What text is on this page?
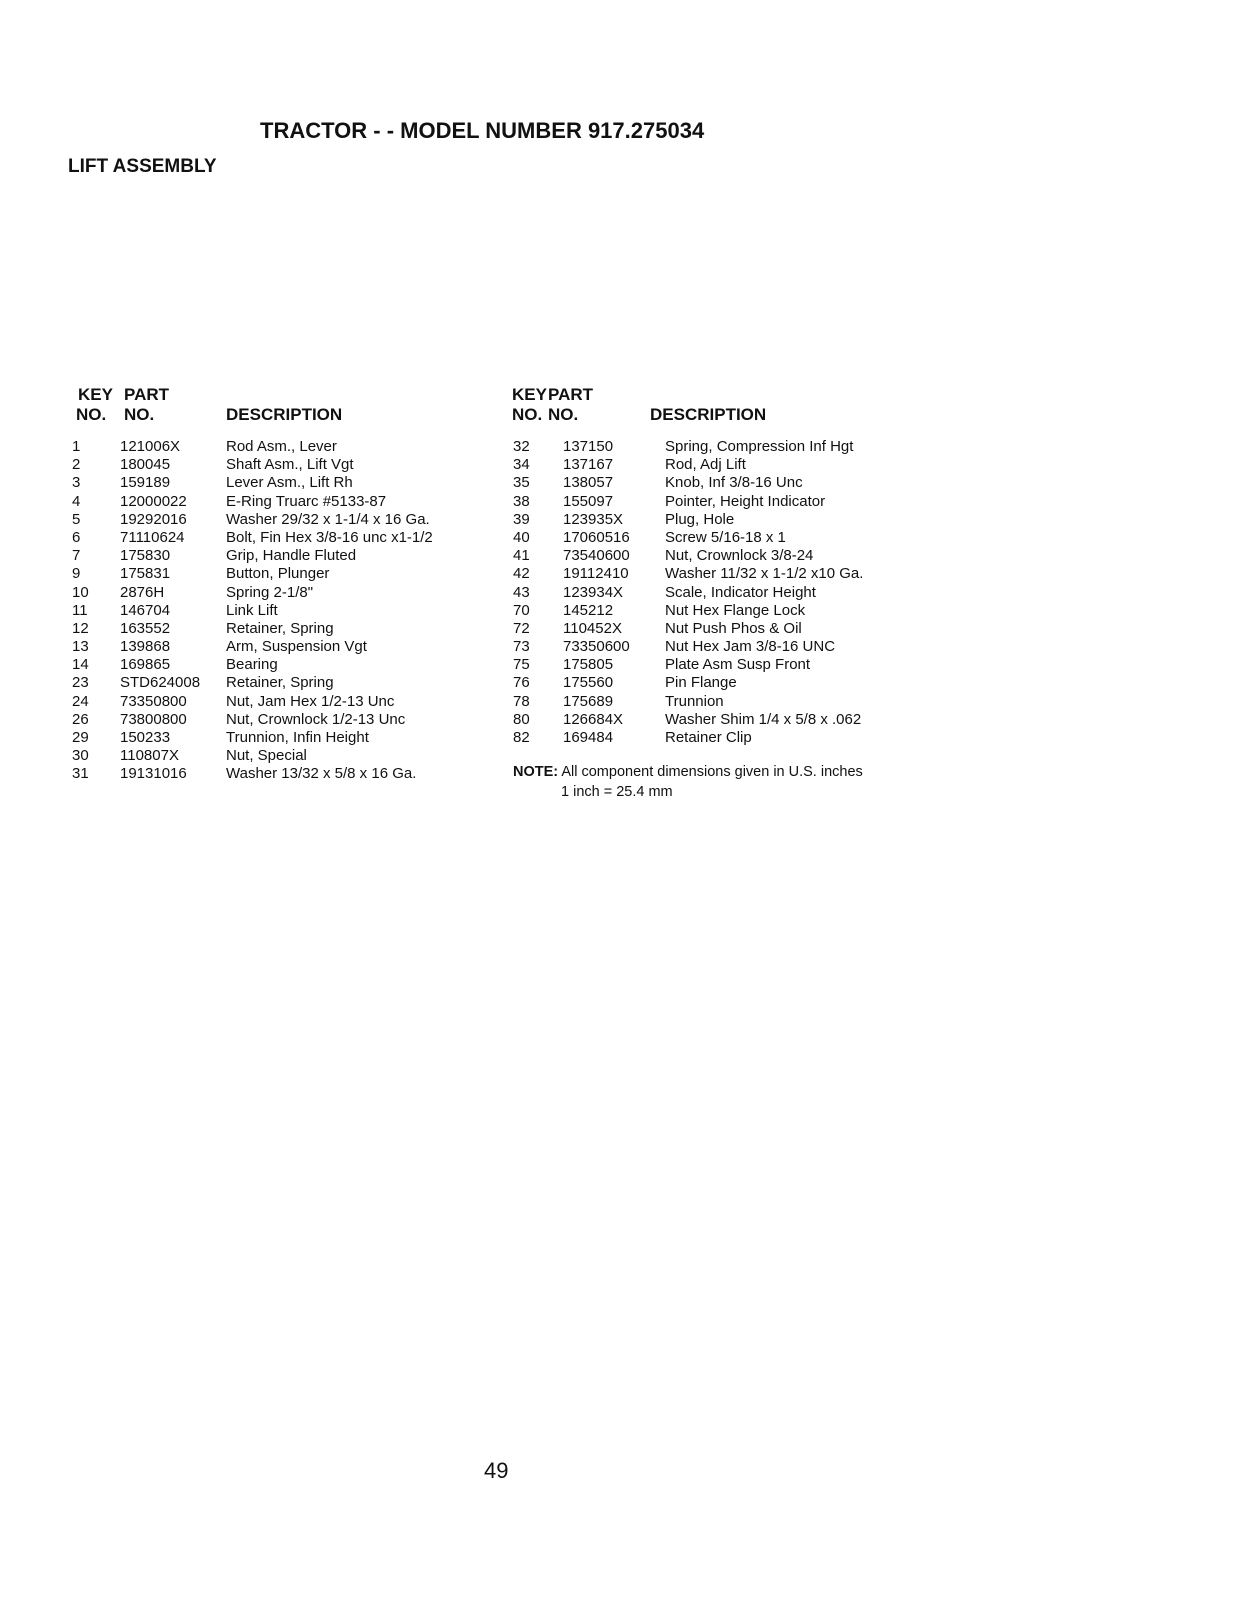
TRACTOR - - MODEL NUMBER 917.275034
LIFT ASSEMBLY
KEY PART
NO. NO.	DESCRIPTION
1	121006X	Rod Asm., Lever
2	180045	Shaft Asm., Lift Vgt
3	159189	Lever Asm., Lift Rh
4	12000022	E-Ring Truarc #5133-87
5	19292016	Washer 29/32 x 1-1/4 x 16 Ga.
6	71110624	Bolt, Fin Hex 3/8-16 unc x1-1/2
7	175830	Grip, Handle Fluted
9	175831	Button, Plunger
10 2876H	Spring 2-1/8"
11 146704	Link Lift
12 163552	Retainer, Spring
13 139868	Arm, Suspension Vgt
14 169865	Bearing
23 STD624008 Retainer, Spring
24 73350800	Nut, Jam Hex 1/2-13 Unc
26 73800800	Nut, Crownlock 1/2-13 Unc
29 150233	Trunnion, Infin Height
30 110807X	Nut, Special
31 19131016	Washer 13/32 x 5/8 x 16 Ga.
KEY PART
NO. NO.	DESCRIPTION
32 137150	Spring, Compression Inf Hgt
34 137167	Rod, Adj Lift
35 138057	Knob, Inf 3/8-16 Unc
38 155097	Pointer, Height Indicator
39 123935X	Plug, Hole
40 17060516 Screw 5/16-18 x 1
41 73540600 Nut, Crownlock 3/8-24
42 19112410 Washer 11/32 x 1-1/2 x10 Ga.
43 123934X	Scale, Indicator Height
70 145212	Nut Hex Flange Lock
72 110452X	Nut Push Phos & Oil
73 73350600 Nut Hex Jam 3/8-16 UNC
75 175805	Plate Asm Susp Front
76 175560	Pin Flange
78 175689	Trunnion
80 126684X	Washer Shim 1/4 x 5/8 x .062
82 169484	Retainer Clip
NOTE: All component dimensions given in U.S. inches
1 inch = 25.4 mm
49
